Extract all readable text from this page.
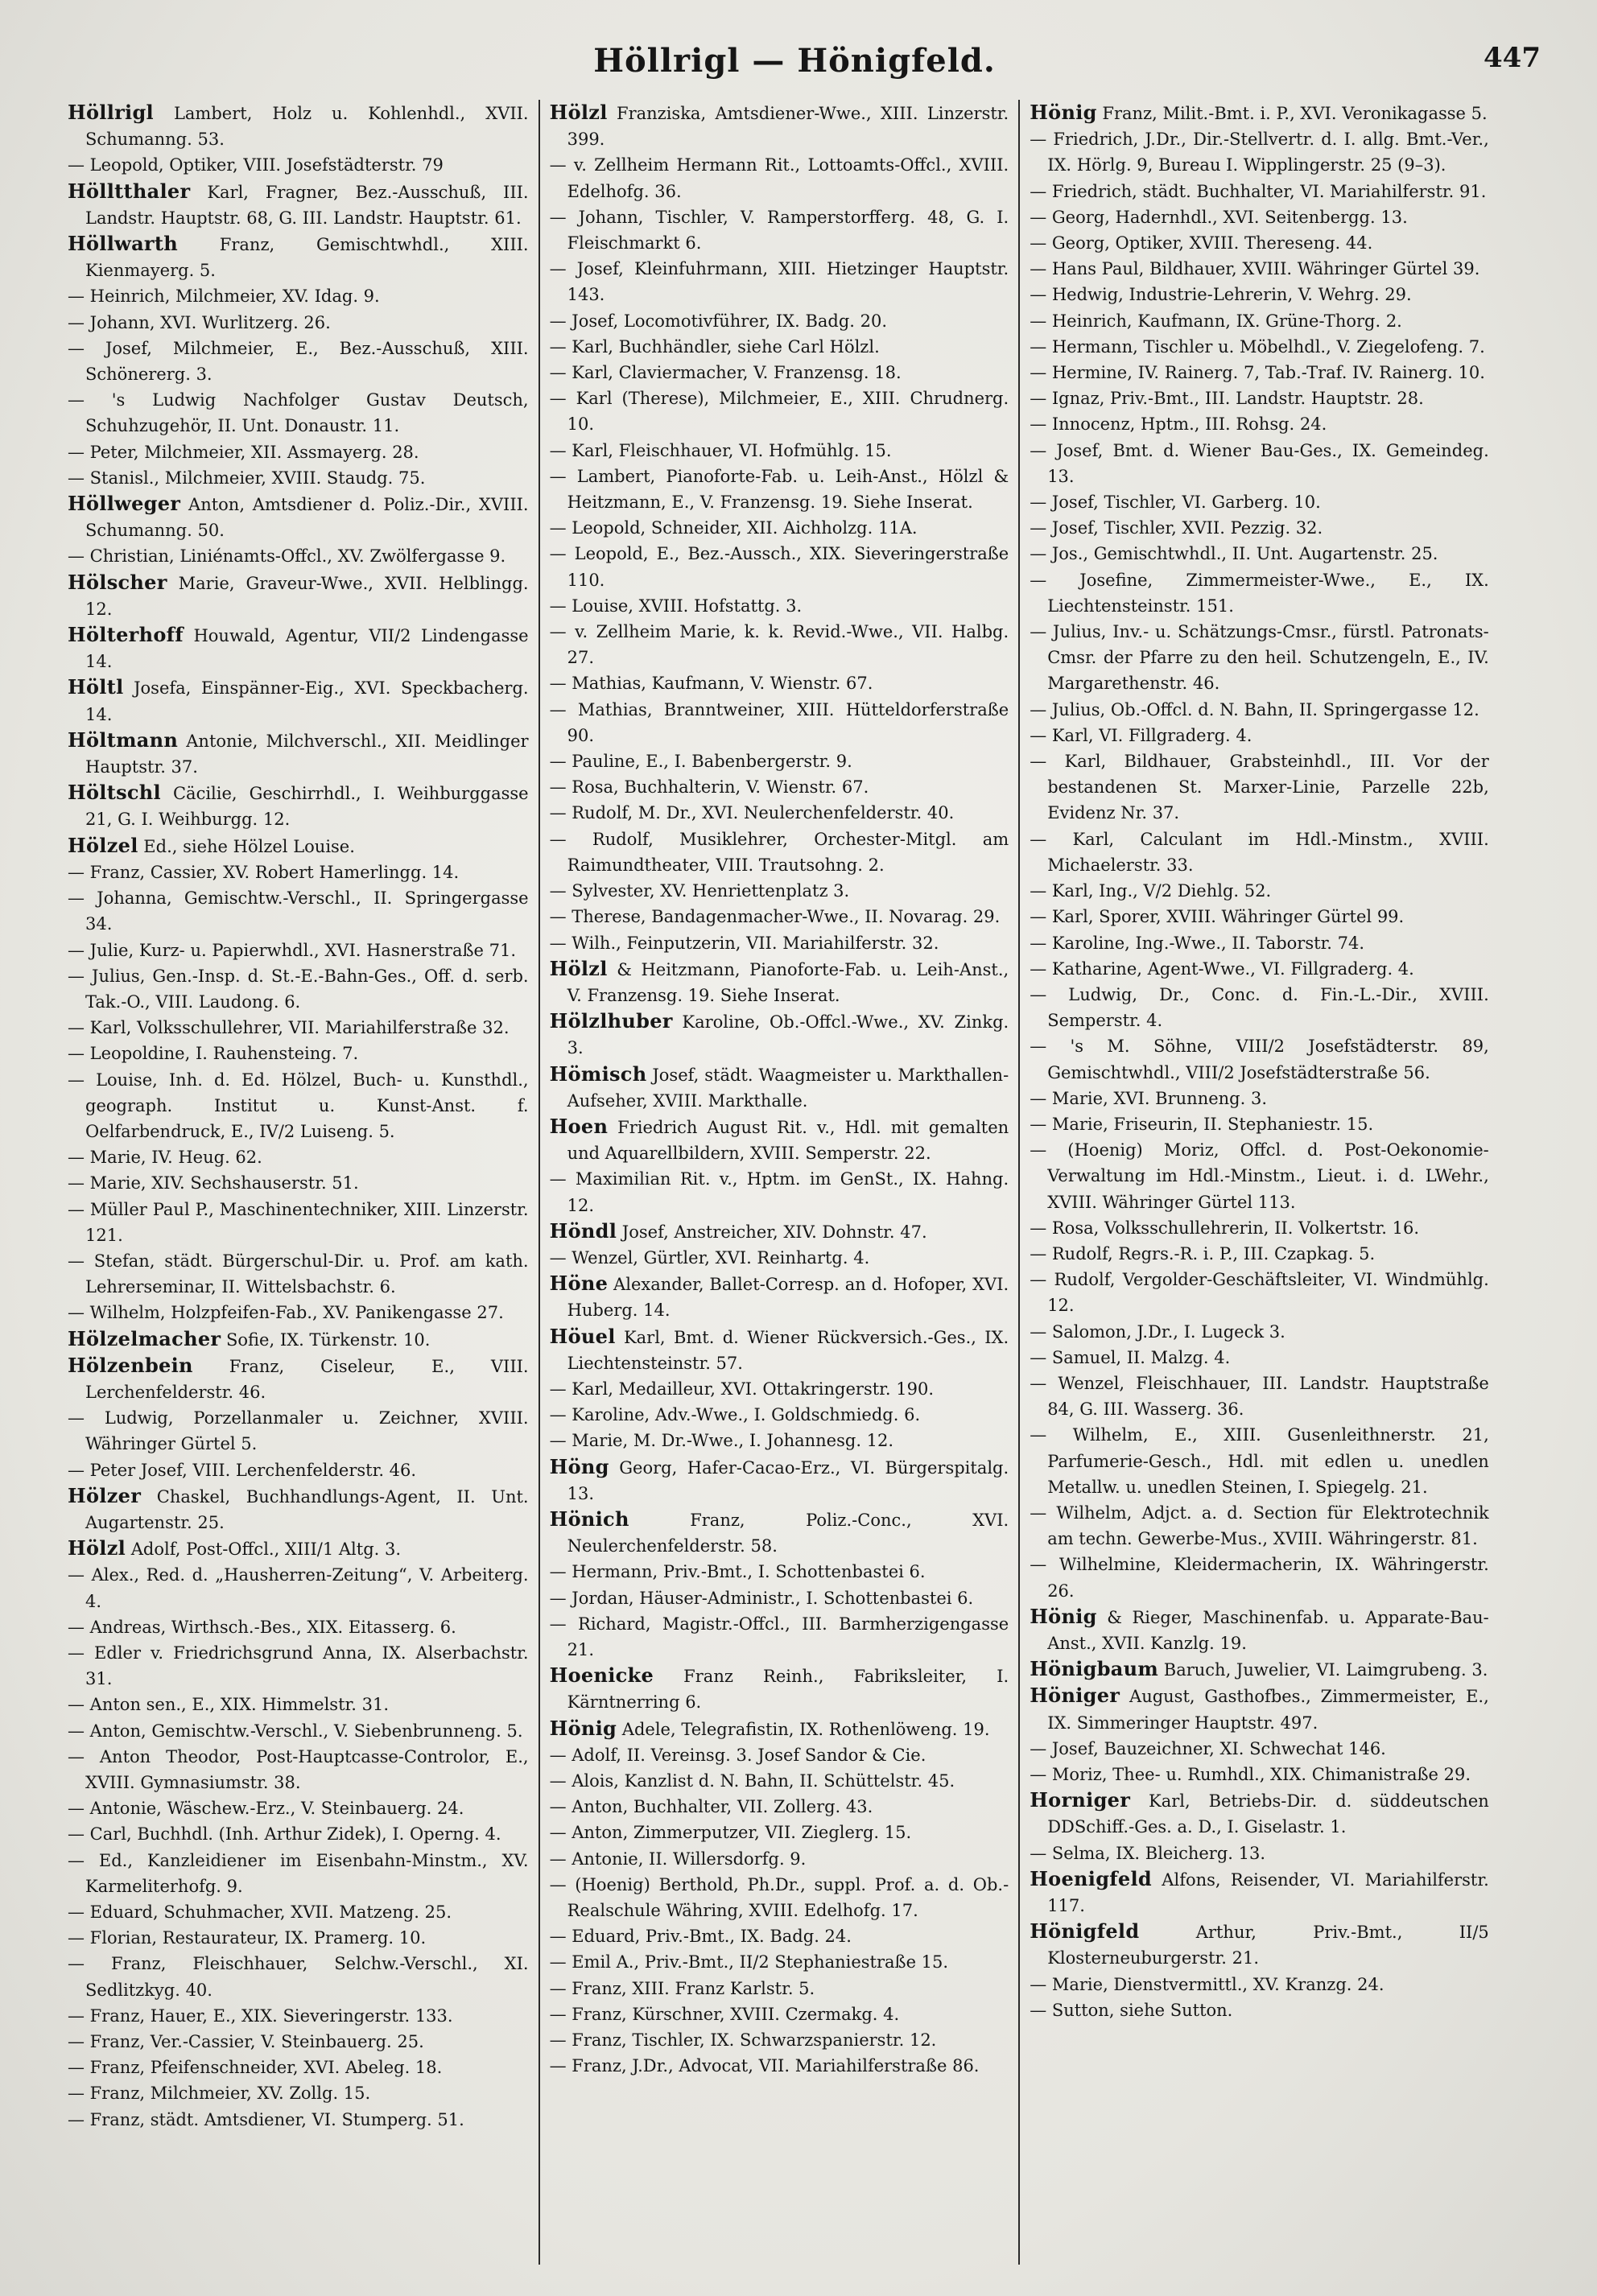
Höllrigl — Hönigfeld.	447
Höllrigl Lambert, Holz u. Kohlenhdl., XVII. Schumanng. 53.
— Leopold, Optiker, VIII. Josefstädterstr. 79
Hölltthaler Karl, Fragner, Bez.-Ausschuß, III. Landstr. Hauptstr. 68, G. III. Landstr. Hauptstr. 61.
Höllwarth Franz, Gemischtwhdl., XIII. Kienmayerg. 5.
— Heinrich, Milchmeier, XV. Idag. 9.
— Johann, XVI. Wurlitzerg. 26.
— Josef, Milchmeier, E., Bez.-Ausschuß, XIII. Schönererg. 3.
— 's Ludwig Nachfolger Gustav Deutsch, Schuhzugehör, II. Unt. Donaustr. 11.
— Peter, Milchmeier, XII. Assmayerg. 28.
— Stanisl., Milchmeier, XVIII. Staudg. 75.
Höllweger Anton, Amtsdiener d. Poliz.-Dir., XVIII. Schumanng. 50.
— Christian, Liniénamts-Offcl., XV. Zwölfergasse 9.
Hölscher Marie, Graveur-Wwe., XVII. Helblingg. 12.
Hölterhoff Houwald, Agentur, VII/2 Lindengasse 14.
Höltl Josefa, Einspänner-Eig., XVI. Speckbacherg. 14.
Höltmann Antonie, Milchverschl., XII. Meidlinger Hauptstr. 37.
Höltschl Cäcilie, Geschirrhdl., I. Weihburggasse 21, G. I. Weihburgg. 12.
Hölzel Ed., siehe Hölzel Louise.
— Franz, Cassier, XV. Robert Hamerlingg. 14.
— Johanna, Gemischtw.-Verschl., II. Springergasse 34.
— Julie, Kurz- u. Papierwhdl., XVI. Hasnerstraße 71.
— Julius, Gen.-Insp. d. St.-E.-Bahn-Ges., Off. d. serb. Tak.-O., VIII. Laudong. 6.
— Karl, Volksschullehrer, VII. Mariahilferstraße 32.
— Leopoldine, I. Rauhensteing. 7.
— Louise, Inh. d. Ed. Hölzel, Buch- u. Kunsthdl., geograph. Institut u. Kunst-Anst. f. Oelfarbendruck, E., IV/2 Luiseng. 5.
— Marie, IV. Heug. 62.
— Marie, XIV. Sechshauserstr. 51.
— Müller Paul P., Maschinentechniker, XIII. Linzerstr. 121.
— Stefan, städt. Bürgerschul-Dir. u. Prof. am kath. Lehrerseminar, II. Wittelsbachstr. 6.
— Wilhelm, Holzpfeifen-Fab., XV. Panikengasse 27.
Hölzelmacher Sofie, IX. Türkenstr. 10.
Hölzenbein Franz, Ciseleur, E., VIII. Lerchenfelderstr. 46.
— Ludwig, Porzellanmaler u. Zeichner, XVIII. Währinger Gürtel 5.
— Peter Josef, VIII. Lerchenfelderstr. 46.
Hölzer Chaskel, Buchhandlungs-Agent, II. Unt. Augartenstr. 25.
Hölzl Adolf, Post-Offcl., XIII/1 Altg. 3.
— Alex., Red. d. „Hausherren-Zeitung“, V. Arbeiterg. 4.
— Andreas, Wirthsch.-Bes., XIX. Eitasserg. 6.
— Edler v. Friedrichsgrund Anna, IX. Alserbachstr. 31.
— Anton sen., E., XIX. Himmelstr. 31.
— Anton, Gemischtw.-Verschl., V. Siebenbrunneng. 5.
— Anton Theodor, Post-Hauptcasse-Controlor, E., XVIII. Gymnasiumstr. 38.
— Antonie, Wäschew.-Erz., V. Steinbauerg. 24.
— Carl, Buchhdl. (Inh. Arthur Zidek), I. Operng. 4.
— Ed., Kanzleidiener im Eisenbahn-Minstm., XV. Karmeliterhofg. 9.
— Eduard, Schuhmacher, XVII. Matzeng. 25.
— Florian, Restaurateur, IX. Pramerg. 10.
— Franz, Fleischhauer, Selchw.-Verschl., XI. Sedlitzkyg. 40.
— Franz, Hauer, E., XIX. Sieveringerstr. 133.
— Franz, Ver.-Cassier, V. Steinbauerg. 25.
— Franz, Pfeifenschneider, XVI. Abeleg. 18.
— Franz, Milchmeier, XV. Zollg. 15.
— Franz, städt. Amtsdiener, VI. Stumperg. 51.
Hölzl Franziska, Amtsdiener-Wwe., XIII. Linzerstr. 399.
— v. Zellheim Hermann Rit., Lottoamts-Offcl., XVIII. Edelhofg. 36.
— Johann, Tischler, V. Ramperstorfferg. 48, G. I. Fleischmarkt 6.
— Josef, Kleinfuhrmann, XIII. Hietzinger Hauptstr. 143.
— Josef, Locomotivführer, IX. Badg. 20.
— Karl, Buchhändler, siehe Carl Hölzl.
— Karl, Claviermacher, V. Franzensg. 18.
— Karl (Therese), Milchmeier, E., XIII. Chrudnerg. 10.
— Karl, Fleischhauer, VI. Hofmühlg. 15.
— Lambert, Pianoforte-Fab. u. Leih-Anst., Hölzl & Heitzmann, E., V. Franzensg. 19. Siehe Inserat.
— Leopold, Schneider, XII. Aichholzg. 11A.
— Leopold, E., Bez.-Aussch., XIX. Sieveringerstraße 110.
— Louise, XVIII. Hofstattg. 3.
— v. Zellheim Marie, k. k. Revid.-Wwe., VII. Halbg. 27.
— Mathias, Kaufmann, V. Wienstr. 67.
— Mathias, Branntweiner, XIII. Hütteldorferstraße 90.
— Pauline, E., I. Babenbergerstr. 9.
— Rosa, Buchhalterin, V. Wienstr. 67.
— Rudolf, M. Dr., XVI. Neulerchenfelderstr. 40.
— Rudolf, Musiklehrer, Orchester-Mitgl. am Raimundtheater, VIII. Trautsohng. 2.
— Sylvester, XV. Henriettenplatz 3.
— Therese, Bandagenmacher-Wwe., II. Novarag. 29.
— Wilh., Feinputzerin, VII. Mariahilferstr. 32.
Hölzl & Heitzmann, Pianoforte-Fab. u. Leih-Anst., V. Franzensg. 19. Siehe Inserat.
Hölzlhuber Karoline, Ob.-Offcl.-Wwe., XV. Zinkg. 3.
Hömisch Josef, städt. Waagmeister u. Markthallen-Aufseher, XVIII. Markthalle.
Hoen Friedrich August Rit. v., Hdl. mit gemalten und Aquarellbildern, XVIII. Semperstr. 22.
— Maximilian Rit. v., Hptm. im GenSt., IX. Hahng. 12.
Höndl Josef, Anstreicher, XIV. Dohnstr. 47.
— Wenzel, Gürtler, XVI. Reinhartg. 4.
Höne Alexander, Ballet-Corresp. an d. Hofoper, XVI. Huberg. 14.
Höuel Karl, Bmt. d. Wiener Rückversich.-Ges., IX. Liechtensteinstr. 57.
— Karl, Medailleur, XVI. Ottakringerstr. 190.
— Karoline, Adv.-Wwe., I. Goldschmiedg. 6.
— Marie, M. Dr.-Wwe., I. Johannesg. 12.
Höng Georg, Hafer-Cacao-Erz., VI. Bürgerspitalg. 13.
Hönich Franz, Poliz.-Conc., XVI. Neulerchenfelderstr. 58.
— Hermann, Priv.-Bmt., I. Schottenbastei 6.
— Jordan, Häuser-Administr., I. Schottenbastei 6.
— Richard, Magistr.-Offcl., III. Barmherzigengasse 21.
Hoenicke Franz Reinh., Fabriksleiter, I. Kärntnerring 6.
Hönig Adele, Telegrafistin, IX. Rothenlöweng. 19.
— Adolf, II. Vereinsg. 3. Josef Sandor & Cie.
— Alois, Kanzlist d. N. Bahn, II. Schüttelstr. 45.
— Anton, Buchhalter, VII. Zollerg. 43.
— Anton, Zimmerputzer, VII. Zieglerg. 15.
— Antonie, II. Willersdorfg. 9.
— (Hoenig) Berthold, Ph.Dr., suppl. Prof. a. d. Ob.-Realschule Währing, XVIII. Edelhofg. 17.
— Eduard, Priv.-Bmt., IX. Badg. 24.
— Emil A., Priv.-Bmt., II/2 Stephaniestraße 15.
— Franz, XIII. Franz Karlstr. 5.
— Franz, Kürschner, XVIII. Czermakg. 4.
— Franz, Tischler, IX. Schwarzspanierstr. 12.
— Franz, J.Dr., Advocat, VII. Mariahilferstraße 86.
Hönig Franz, Milit.-Bmt. i. P., XVI. Veronikagasse 5.
— Friedrich, J.Dr., Dir.-Stellvertr. d. I. allg. Bmt.-Ver., IX. Hörlg. 9, Bureau I. Wipplingerstr. 25 (9–3).
— Friedrich, städt. Buchhalter, VI. Mariahilferstr. 91.
— Georg, Hadernhdl., XVI. Seitenbergg. 13.
— Georg, Optiker, XVIII. Thereseng. 44.
— Hans Paul, Bildhauer, XVIII. Währinger Gürtel 39.
— Hedwig, Industrie-Lehrerin, V. Wehrg. 29.
— Heinrich, Kaufmann, IX. Grüne-Thorg. 2.
— Hermann, Tischler u. Möbelhdl., V. Ziegelofeng. 7.
— Hermine, IV. Rainerg. 7, Tab.-Traf. IV. Rainerg. 10.
— Ignaz, Priv.-Bmt., III. Landstr. Hauptstr. 28.
— Innocenz, Hptm., III. Rohsg. 24.
— Josef, Bmt. d. Wiener Bau-Ges., IX. Gemeindeg. 13.
— Josef, Tischler, VI. Garberg. 10.
— Josef, Tischler, XVII. Pezzig. 32.
— Jos., Gemischtwhdl., II. Unt. Augartenstr. 25.
— Josefine, Zimmermeister-Wwe., E., IX. Liechtensteinstr. 151.
— Julius, Inv.- u. Schätzungs-Cmsr., fürstl. Patronats-Cmsr. der Pfarre zu den heil. Schutzengeln, E., IV. Margarethenstr. 46.
— Julius, Ob.-Offcl. d. N. Bahn, II. Springergasse 12.
— Karl, VI. Fillgraderg. 4.
— Karl, Bildhauer, Grabsteinhdl., III. Vor der bestandenen St. Marxer-Linie, Parzelle 22b, Evidenz Nr. 37.
— Karl, Calculant im Hdl.-Minstm., XVIII. Michaelerstr. 33.
— Karl, Ing., V/2 Diehlg. 52.
— Karl, Sporer, XVIII. Währinger Gürtel 99.
— Karoline, Ing.-Wwe., II. Taborstr. 74.
— Katharine, Agent-Wwe., VI. Fillgraderg. 4.
— Ludwig, Dr., Conc. d. Fin.-L.-Dir., XVIII. Semperstr. 4.
— 's M. Söhne, VIII/2 Josefstädterstr. 89, Gemischtwhdl., VIII/2 Josefstädterstraße 56.
— Marie, XVI. Brunneng. 3.
— Marie, Friseurin, II. Stephaniestr. 15.
— (Hoenig) Moriz, Offcl. d. Post-Oekonomie-Verwaltung im Hdl.-Minstm., Lieut. i. d. LWehr., XVIII. Währinger Gürtel 113.
— Rosa, Volksschullehrerin, II. Volkertstr. 16.
— Rudolf, Regrs.-R. i. P., III. Czapkag. 5.
— Rudolf, Vergolder-Geschäftsleiter, VI. Windmühlg. 12.
— Salomon, J.Dr., I. Lugeck 3.
— Samuel, II. Malzg. 4.
— Wenzel, Fleischhauer, III. Landstr. Hauptstraße 84, G. III. Wasserg. 36.
— Wilhelm, E., XIII. Gusenleithnerstr. 21, Parfumerie-Gesch., Hdl. mit edlen u. unedlen Metallw. u. unedlen Steinen, I. Spiegelg. 21.
— Wilhelm, Adjct. a. d. Section für Elektrotechnik am techn. Gewerbe-Mus., XVIII. Währingerstr. 81.
— Wilhelmine, Kleidermacherin, IX. Währingerstr. 26.
Hönig & Rieger, Maschinenfab. u. Apparate-Bau-Anst., XVII. Kanzlg. 19.
Hönigbaum Baruch, Juwelier, VI. Laimgrubeng. 3.
Höniger August, Gasthofbes., Zimmermeister, E., IX. Simmeringer Hauptstr. 497.
— Josef, Bauzeichner, XI. Schwechat 146.
— Moriz, Thee- u. Rumhdl., XIX. Chimanistraße 29.
Horniger Karl, Betriebs-Dir. d. süddeutschen DDSchiff.-Ges. a. D., I. Giselastr. 1.
— Selma, IX. Bleicherg. 13.
Hoenigfeld Alfons, Reisender, VI. Mariahilferstr. 117.
Hönigfeld Arthur, Priv.-Bmt., II/5 Klosterneuburgerstr. 21.
— Marie, Dienstvermittl., XV. Kranzg. 24.
— Sutton, siehe Sutton.
